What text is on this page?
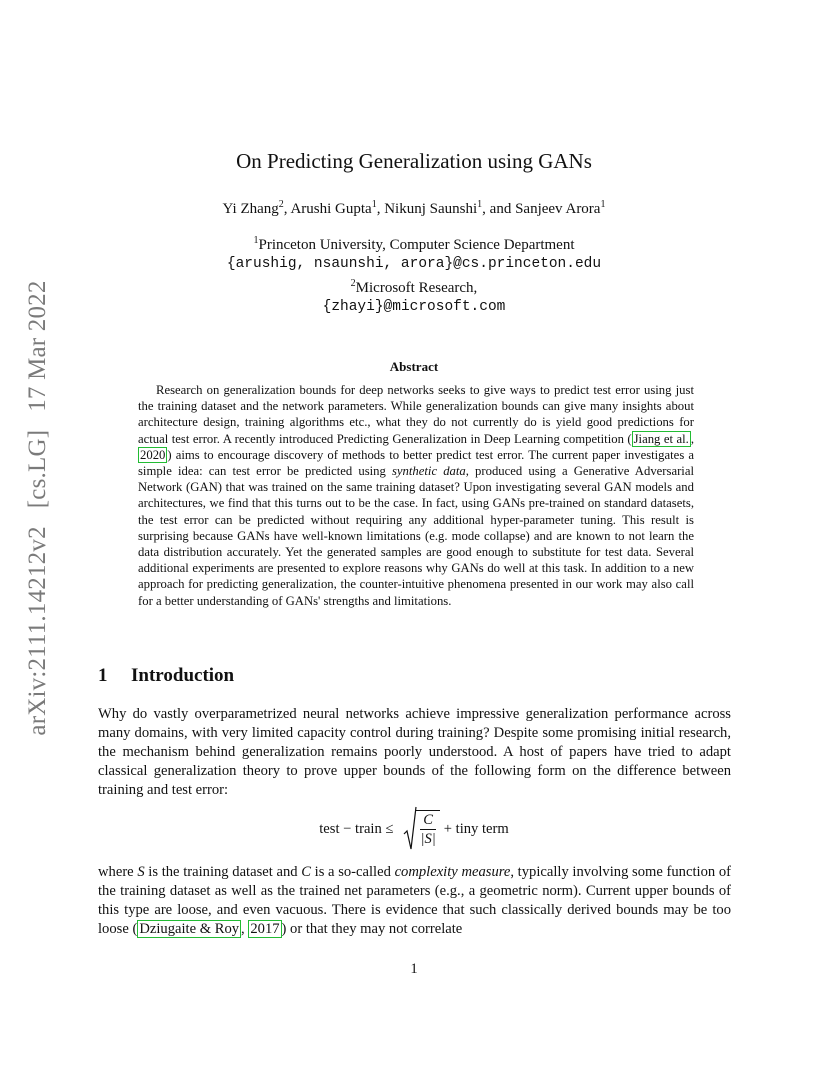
arXiv:2111.14212v2[cs.LG]17 Mar 2022
On Predicting Generalization using GANs
Yi Zhang$^2$, Arushi Gupta$^1$, Nikunj Saunshi$^1$, and Sanjeev Arora$^1$
$^1$Princeton University, Computer Science Department
{arushig, nsaunshi, arora}@cs.princeton.edu
$^2$Microsoft Research,
{zhayi}@microsoft.com
Abstract
Research on generalization bounds for deep networks seeks to give ways to predict test error using just the training dataset and the network parameters. While generalization bounds can give many insights about architecture design, training algorithms etc., what they do not currently do is yield good predictions for actual test error. A recently introduced Predicting Generalization in Deep Learning competition ( Jiang et al. , 2020 ) aims to encourage discovery of methods to better predict test error. The current paper investigates a simple idea: can test error be predicted using synthetic data, produced using a Generative Adversarial Network (GAN) that was trained on the same training dataset? Upon investigating several GAN models and architectures, we find that this turns out to be the case. In fact, using GANs pre-trained on standard datasets, the test error can be predicted without requiring any additional hyper-parameter tuning. This result is surprising because GANs have well-known limitations (e.g. mode collapse) and are known to not learn the data distribution accurately. Yet the generated samples are good enough to substitute for test data. Several additional experiments are presented to explore reasons why GANs do well at this task. In addition to a new approach for predicting generalization, the counter-intuitive phenomena presented in our work may also call for a better understanding of GANs' strengths and limitations.
1 Introduction
Why do vastly overparametrized neural networks achieve impressive generalization performance across many domains, with very limited capacity control during training? Despite some promising initial research, the mechanism behind generalization remains poorly understood. A host of papers have tried to adapt classical generalization theory to prove upper bounds of the following form on the difference between training and test error:
test − train ≤ $\frac{C}{|S|}$ + tiny term
where S is the training dataset and C is a so-called complexity measure, typically involving some function of the training dataset as well as the trained net parameters (e.g., a geometric norm). Current upper bounds of this type are loose, and even vacuous. There is evidence that such classically derived bounds may be too loose ( Dziugaite & Roy , 2017 ) or that they may not correlate
1
